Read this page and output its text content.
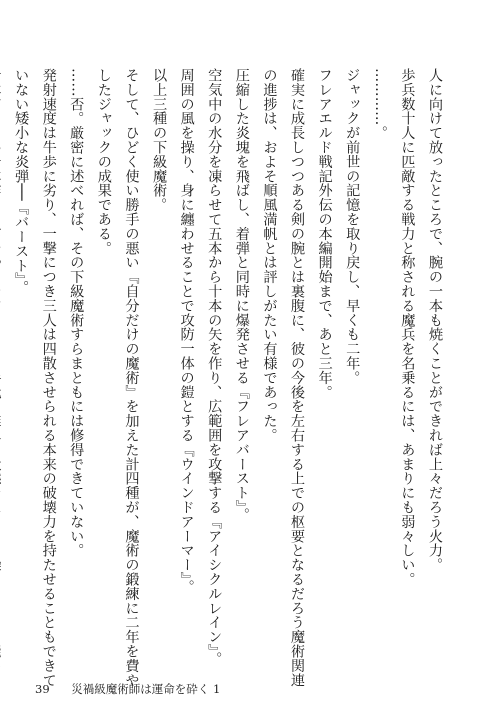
人に向けて放ったところで、腕の一本も焼くことができれば上々だろう火力。
歩兵数十人に匹敵する戦力と称される魔兵を名乗るには、あまりにも弱々しい。
…………。
ジャックが前世の記憶を取り戻し、早くも二年。
フレアエルド戦記外伝の本編開始まで、あと三年。
確実に成長しつつある剣の腕とは裏腹に、彼の今後を左右する上での枢要となるだろう魔術関連
の進捗は、およそ順風満帆とは評しがたい有様であった。
圧縮した炎塊を飛ばし、着弾と同時に爆発させる『フレアバースト』。
空気中の水分を凍らせて五本から十本の矢を作り、広範囲を攻撃する『アイシクルレイン』。
周囲の風を操り、身に纏わせることで攻防一体の鎧とする『ウインドアーマー』。
以上三種の下級魔術。
そして、ひどく使い勝手の悪い『自分だけの魔術』を加えた計四種が、魔術の鍛練に二年を費や
したジャックの成果である。
……否。厳密に述べれば、その下級魔術すらまともには修得できていない。
発射速度は牛歩に劣り、一撃につき三人は四散させられる本来の破壊力を持たせることもできて
いない矮小な炎弾──『バースト』。
39 災禍級魔術師は運命を砕く 1
